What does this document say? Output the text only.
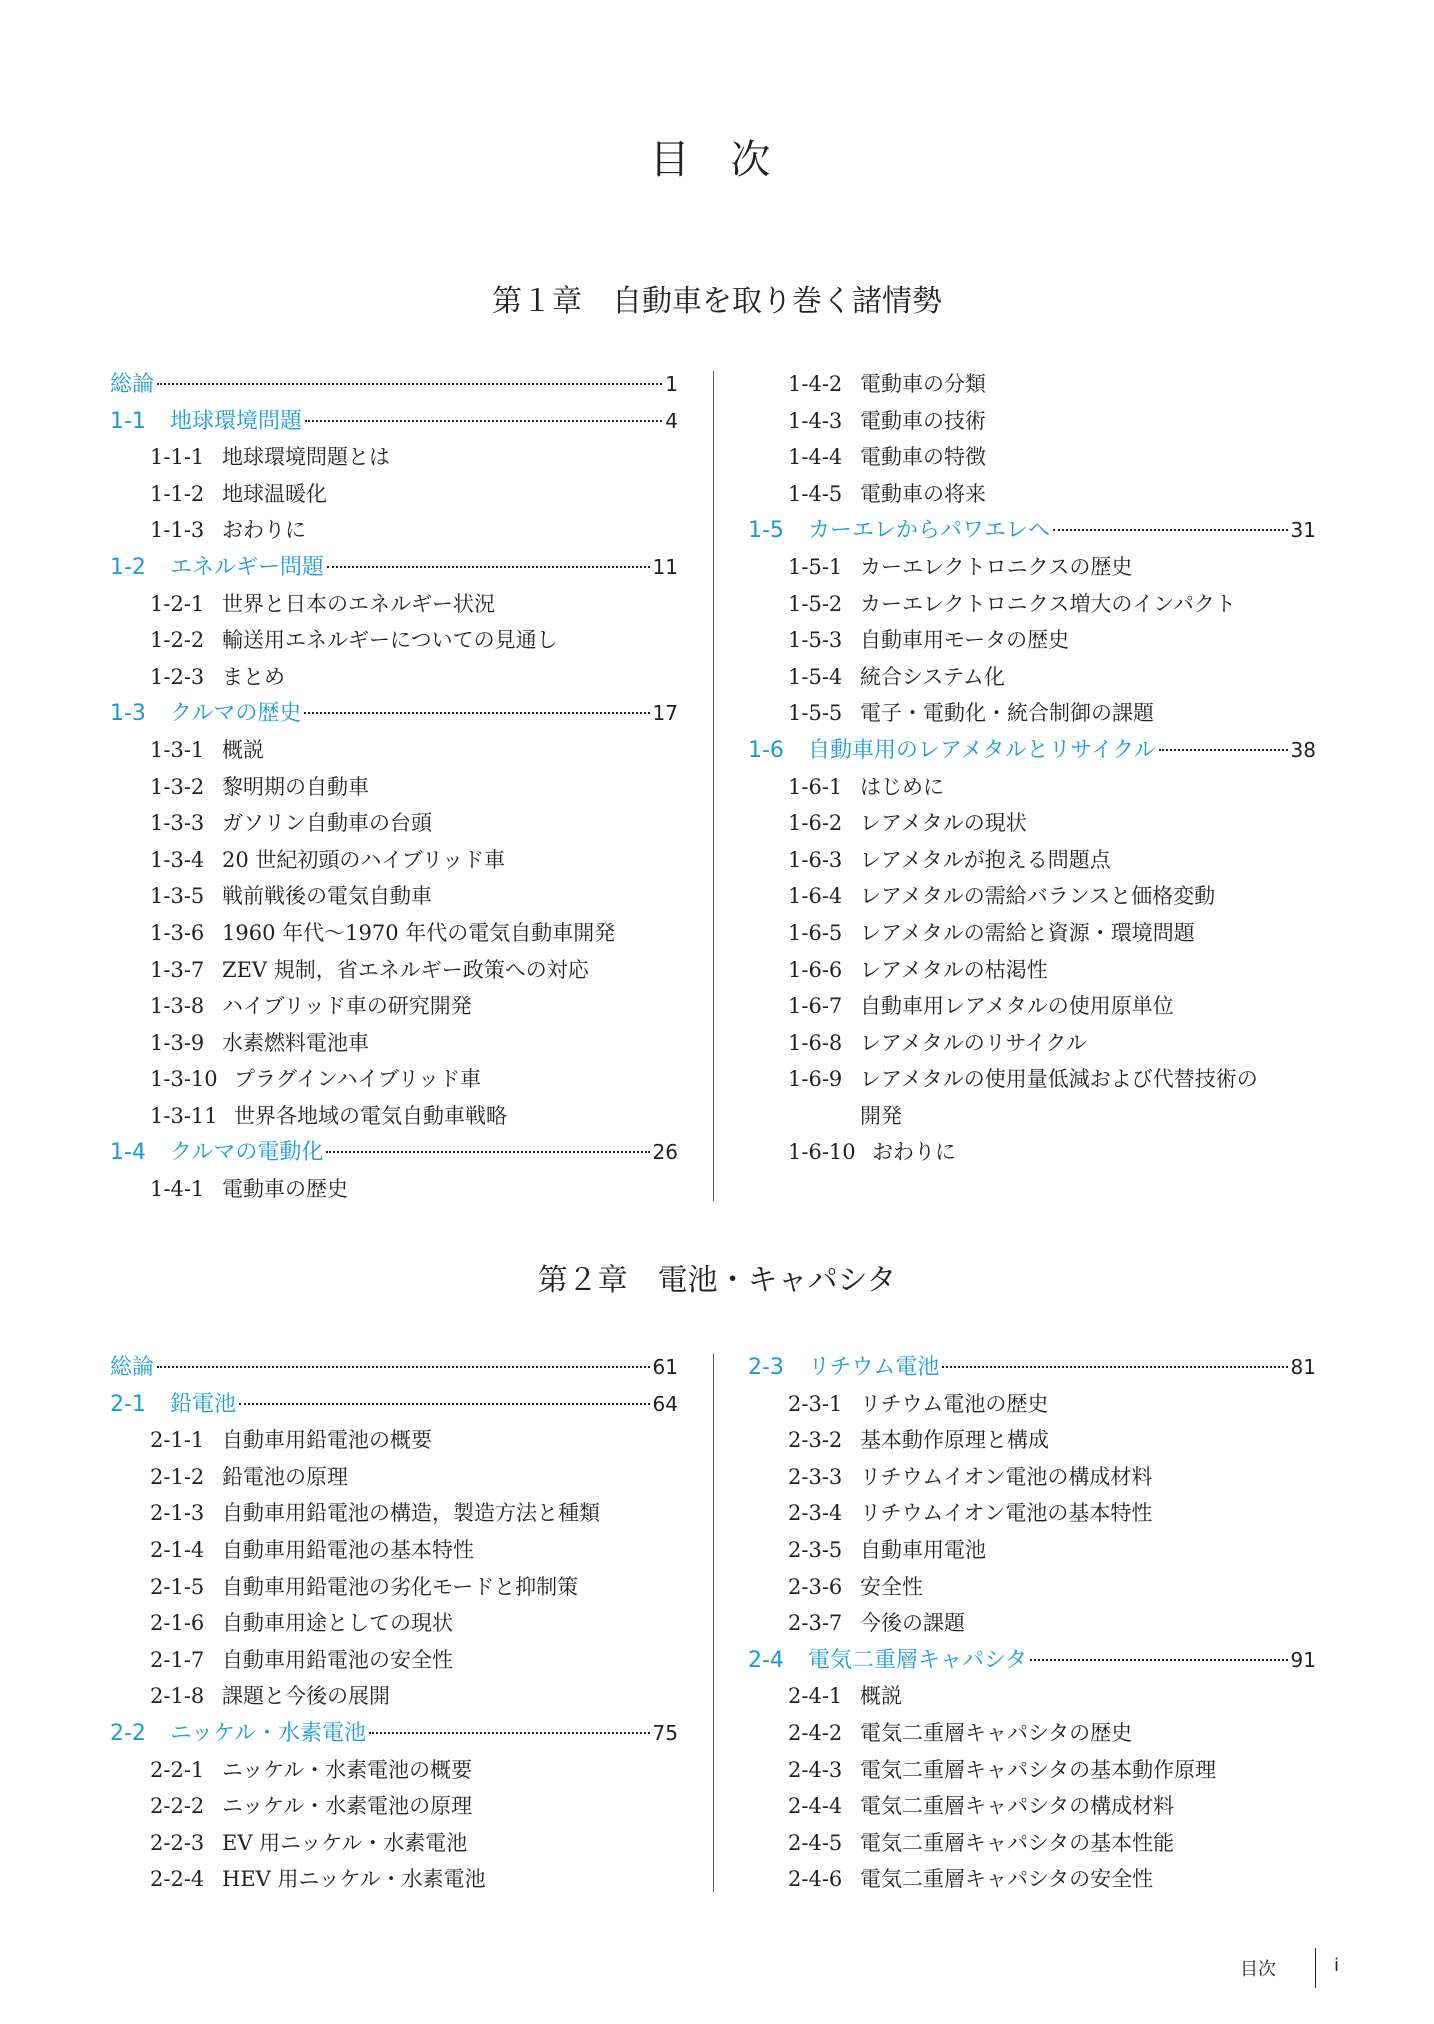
目 次
第１章　自動車を取り巻く諸情勢
総論	1
1-1	地球環境問題	4
1-1-1 地球環境問題とは
1-1-2 地球温暖化
1-1-3 おわりに
1-2	エネルギー問題	11
1-2-1 世界と日本のエネルギー状況
1-2-2 輸送用エネルギーについての見通し
1-2-3 まとめ
1-3	クルマの歴史	17
1-3-1 概説
1-3-2 黎明期の自動車
1-3-3 ガソリン自動車の台頭
1-3-4 20 世紀初頭のハイブリッド車
1-3-5 戦前戦後の電気自動車
1-3-6 1960 年代～1970 年代の電気自動車開発
1-3-7 ZEV 規制，省エネルギー政策への対応
1-3-8 ハイブリッド車の研究開発
1-3-9 水素燃料電池車
1-3-10 プラグインハイブリッド車
1-3-11 世界各地域の電気自動車戦略
1-4	クルマの電動化	26
1-4-1 電動車の歴史
1-4-2 電動車の分類
1-4-3 電動車の技術
1-4-4 電動車の特徴
1-4-5 電動車の将来
1-5	カーエレからパワエレへ	31
1-5-1 カーエレクトロニクスの歴史
1-5-2 カーエレクトロニクス増大のインパクト
1-5-3 自動車用モータの歴史
1-5-4 統合システム化
1-5-5 電子・電動化・統合制御の課題
1-6	自動車用のレアメタルとリサイクル	38
1-6-1 はじめに
1-6-2 レアメタルの現状
1-6-3 レアメタルが抱える問題点
1-6-4 レアメタルの需給バランスと価格変動
1-6-5 レアメタルの需給と資源・環境問題
1-6-6 レアメタルの枯渇性
1-6-7 自動車用レアメタルの使用原単位
1-6-8 レアメタルのリサイクル
1-6-9 レアメタルの使用量低減および代替技術の
開発
1-6-10 おわりに
第２章　電池・キャパシタ
総論	61
2-1	鉛電池	64
2-1-1 自動車用鉛電池の概要
2-1-2 鉛電池の原理
2-1-3 自動車用鉛電池の構造，製造方法と種類
2-1-4 自動車用鉛電池の基本特性
2-1-5 自動車用鉛電池の劣化モードと抑制策
2-1-6 自動車用途としての現状
2-1-7 自動車用鉛電池の安全性
2-1-8 課題と今後の展開
2-2	ニッケル・水素電池	75
2-2-1 ニッケル・水素電池の概要
2-2-2 ニッケル・水素電池の原理
2-2-3 EV 用ニッケル・水素電池
2-2-4 HEV 用ニッケル・水素電池
2-3	リチウム電池	81
2-3-1 リチウム電池の歴史
2-3-2 基本動作原理と構成
2-3-3 リチウムイオン電池の構成材料
2-3-4 リチウムイオン電池の基本特性
2-3-5 自動車用電池
2-3-6 安全性
2-3-7 今後の課題
2-4	電気二重層キャパシタ	91
2-4-1 概説
2-4-2 電気二重層キャパシタの歴史
2-4-3 電気二重層キャパシタの基本動作原理
2-4-4 電気二重層キャパシタの構成材料
2-4-5 電気二重層キャパシタの基本性能
2-4-6 電気二重層キャパシタの安全性
目次	i
